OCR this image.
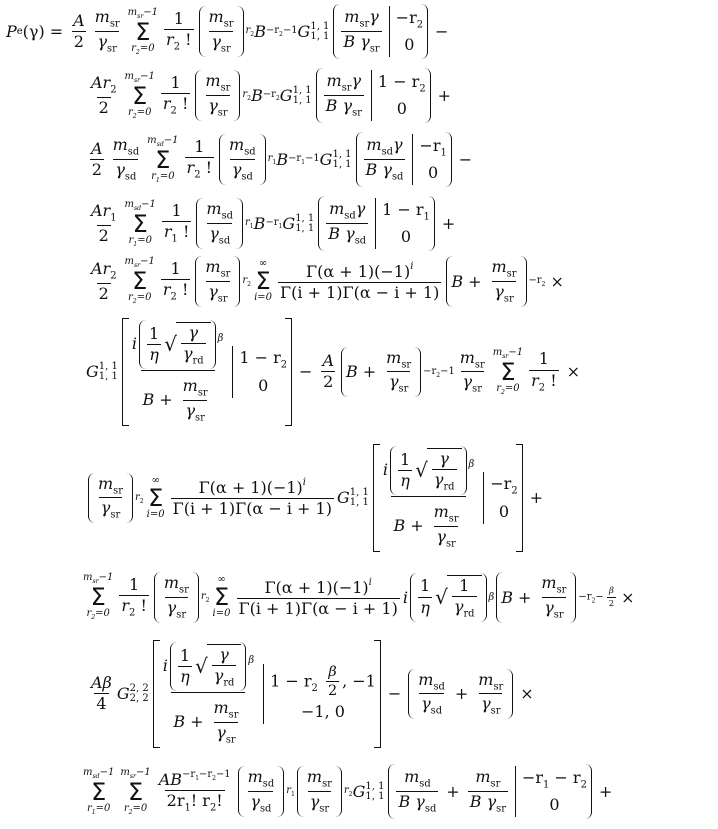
P e $(\gamma) = \frac{A}{2} \frac{m_{sr}}{\overline{\gamma}_{sr}} m_{sr}-1$
Σ
$r_2=0 \frac{1}{r_2 !} \frac{m_{sr}}{\overline{\gamma}_{sr}} r_2$ $B -r_2-1$ G 1, 1
1, $1 \frac{m_{sr}\gamma}{B \overline{\gamma}_{sr}} -r_2$
0
−
$\frac{Ar_2}{2} m_{sr}-1$
Σ
$r_2=0 \frac{1}{r_2 !} \frac{m_{sr}}{\overline{\gamma}_{sr}} r_2$ $B -r_2$ G 1, 1
1, $1 \frac{m_{sr}\gamma}{B \overline{\gamma}_{sr}} 1 - r_2$
0
+
$\frac{A}{2} \frac{m_{sd}}{\overline{\gamma}_{sd}} m_{sd}-1$
Σ
$r_1=0 \frac{1}{r_2 !} \frac{m_{sd}}{\overline{\gamma}_{sd}} r_1$ $B -r_1-1$ G 1, 1
1, $1 \frac{m_{sd}\gamma}{B \overline{\gamma}_{sd}} -r_1$
0
−
$\frac{Ar_1}{2} m_{sd}-1$
Σ
$r_1=0 \frac{1}{r_1 !} \frac{m_{sd}}{\overline{\gamma}_{sd}} r_1$ $B -r_1$ G 1, 1
1, $1 \frac{m_{sd}\gamma}{B \overline{\gamma}_{sd}} 1 - r_1$
0
+
$\frac{Ar_2}{2} m_{sr}-1$
Σ
$r_2=0 \frac{1}{r_2 !} \frac{m_{sr}}{\overline{\gamma}_{sr}} r_2$
∞
Σ
$i=0 \frac{\Gamma(\alpha + 1)(-1)^i}{\Gamma(i + 1)\Gamma(\alpha - i + 1)}$ $B + \frac{m_{sr}}{\overline{\gamma}_{sr}} -r_2$ ×
G 1, 1
1, $1 \frac{i \frac{1}{\eta} √ \frac{\gamma}{\overline{\gamma}_{rd}} ^\beta}{B + \frac{m_{sr}}{\overline{\gamma}_{sr}}} 1 - r_2$
0
− $\frac{A}{2}$ $B + \frac{m_{sr}}{\overline{\gamma}_{sr}} -r_2-1 \frac{m_{sr}}{\overline{\gamma}_{sr}} m_{sr}-1$
Σ
$r_2=0 \frac{1}{r_2 !}$ ×
$\frac{m_{sr}}{\overline{\gamma}_{sr}} r_2$
∞
Σ
$i=0 \frac{\Gamma(\alpha + 1)(-1)^i}{\Gamma(i + 1)\Gamma(\alpha - i + 1)}$ G 1, 1
1, $1 \frac{i \frac{1}{\eta} √ \frac{\gamma}{\overline{\gamma}_{rd}} ^\beta}{B + \frac{m_{sr}}{\overline{\gamma}_{sr}}} -r_2$
0
+
$m_{sr}-1$
Σ
$r_2=0 \frac{1}{r_2 !} \frac{m_{sr}}{\overline{\gamma}_{sr}} r_2$
∞
Σ
$i=0 \frac{\Gamma(\alpha + 1)(-1)^i}{\Gamma(i + 1)\Gamma(\alpha - i + 1)}$ i $\frac{1}{\eta}$ √ $\frac{1}{\overline{\gamma}_{rd}}$ β $B + \frac{m_{sr}}{\overline{\gamma}_{sr}} -r_2- \frac{\beta}{2}$ ×
$\frac{A\beta}{4}$ G 2, 2
2, $2 \frac{i \frac{1}{\eta} √ \frac{\gamma}{\overline{\gamma}_{rd}} ^\beta}{B + \frac{m_{sr}}{\overline{\gamma}_{sr}}} 1 - r_2 \frac{\beta}{2}$ , −1
−1, 0
− $\frac{m_{sd}}{\overline{\gamma}_{sd}} + \frac{m_{sr}}{\overline{\gamma}_{sr}}$ ×
$m_{sd}-1$
Σ
$r_1=0$
$m_{sr}-1$
Σ
$r_2=0 \frac{AB^{-r_1-r_2-1}}{2r_1! r_2!} \frac{m_{sd}}{\overline{\gamma}_{sd}} r_1 \frac{m_{sr}}{\overline{\gamma}_{sr}} r_2$ G 1, 1
1, $1 \frac{m_{sd}}{B \overline{\gamma}_{sd}} + \frac{m_{sr}}{B \overline{\gamma}_{sr}} -r_1 - r_2$
0
+
